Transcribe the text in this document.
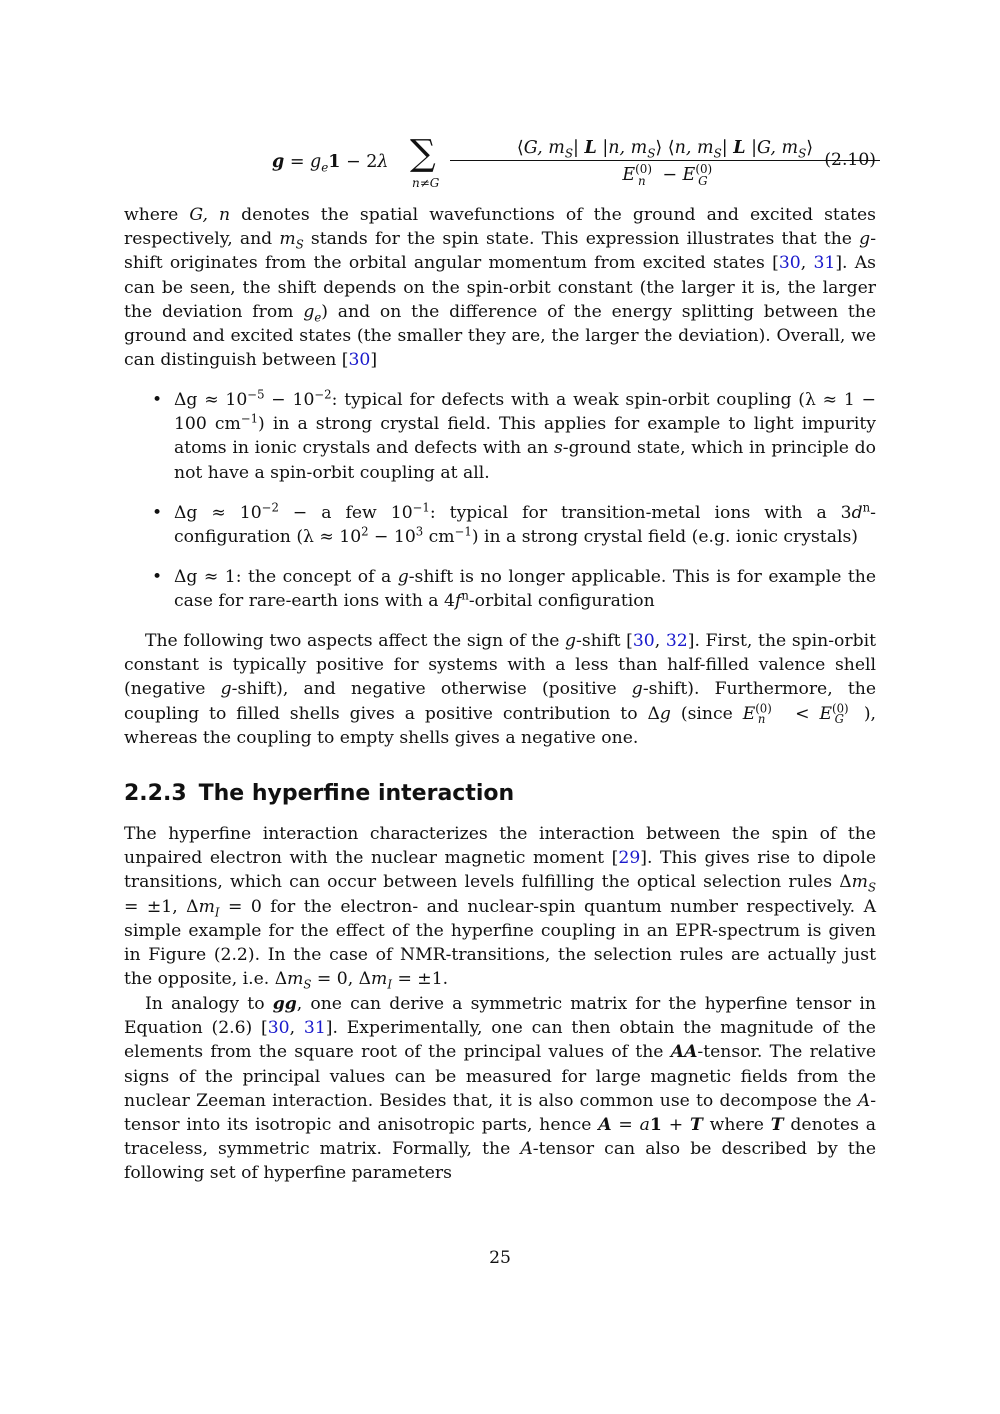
$g = g_e1 - 2\lambda$ ∑
$n\ne G \frac{⟨G, m_S| L |n, m_S⟩ ⟨n, m_S| L |G, m_S⟩}{E^{(0)}_n - E^{(0)}_G}$
(2.10)

where G, n denotes the spatial wavefunctions of the ground and excited states respectively, and $m_S$ stands for the spin state. This expression illustrates that the g-shift originates from the orbital angular momentum from excited states [30, 31]. As can be seen, the shift depends on the spin-orbit constant (the larger it is, the larger the deviation from $g_e$) and on the difference of the energy splitting between the ground and excited states (the smaller they are, the larger the deviation). Overall, we can distinguish between [30]

• $\Delta g \approx 10^{-5} - 10^{-2}$: typical for defects with a weak spin-orbit coupling (λ ≈ 1 − 100 $cm^{-1}$) in a strong crystal field. This applies for example to light impurity atoms in ionic crystals and defects with an s-ground state, which in principle do not have a spin-orbit coupling at all.
• $\Delta g \approx 10^{-2} - a$ few $10^{-1}$: typical for transition-metal ions with a $3d^n$-configuration ($\lambda \approx 10^2 - 10^3$ $cm^{-1}$) in a strong crystal field (e.g. ionic crystals)
• Δg ≈ 1: the concept of a g-shift is no longer applicable. This is for example the case for rare-earth ions with a $4f^n$-orbital configuration

The following two aspects affect the sign of the g-shift [30, 32]. First, the spin-orbit constant is typically positive for systems with a less than half-filled valence shell (negative g-shift), and negative otherwise (positive g-shift). Furthermore, the coupling to filled shells gives a positive contribution to Δg (since $E^{(0)}_n < E^{(0)}_G$ ), whereas the coupling to empty shells gives a negative one.

2.2.3 The hyperfine interaction

The hyperfine interaction characterizes the interaction between the spin of the unpaired electron with the nuclear magnetic moment [29]. This gives rise to dipole transitions, which can occur between levels fulfilling the optical selection rules $\Delta m_S = \pm 1$, $\Delta m_I = 0$ for the electron- and nuclear-spin quantum number respectively. A simple example for the effect of the hyperfine coupling in an EPR-spectrum is given in Figure (2.2). In the case of NMR-transitions, the selection rules are actually just the opposite, i.e. $\Delta m_S = 0$, $\Delta m_I = \pm 1$.

In analogy to gg, one can derive a symmetric matrix for the hyperfine tensor in Equation (2.6) [30, 31]. Experimentally, one can then obtain the magnitude of the elements from the square root of the principal values of the AA-tensor. The relative signs of the principal values can be measured for large magnetic fields from the nuclear Zeeman interaction. Besides that, it is also common use to decompose the A-tensor into its isotropic and anisotropic parts, hence A = a1 + T where T denotes a traceless, symmetric matrix. Formally, the A-tensor can also be described by the following set of hyperfine parameters

25
